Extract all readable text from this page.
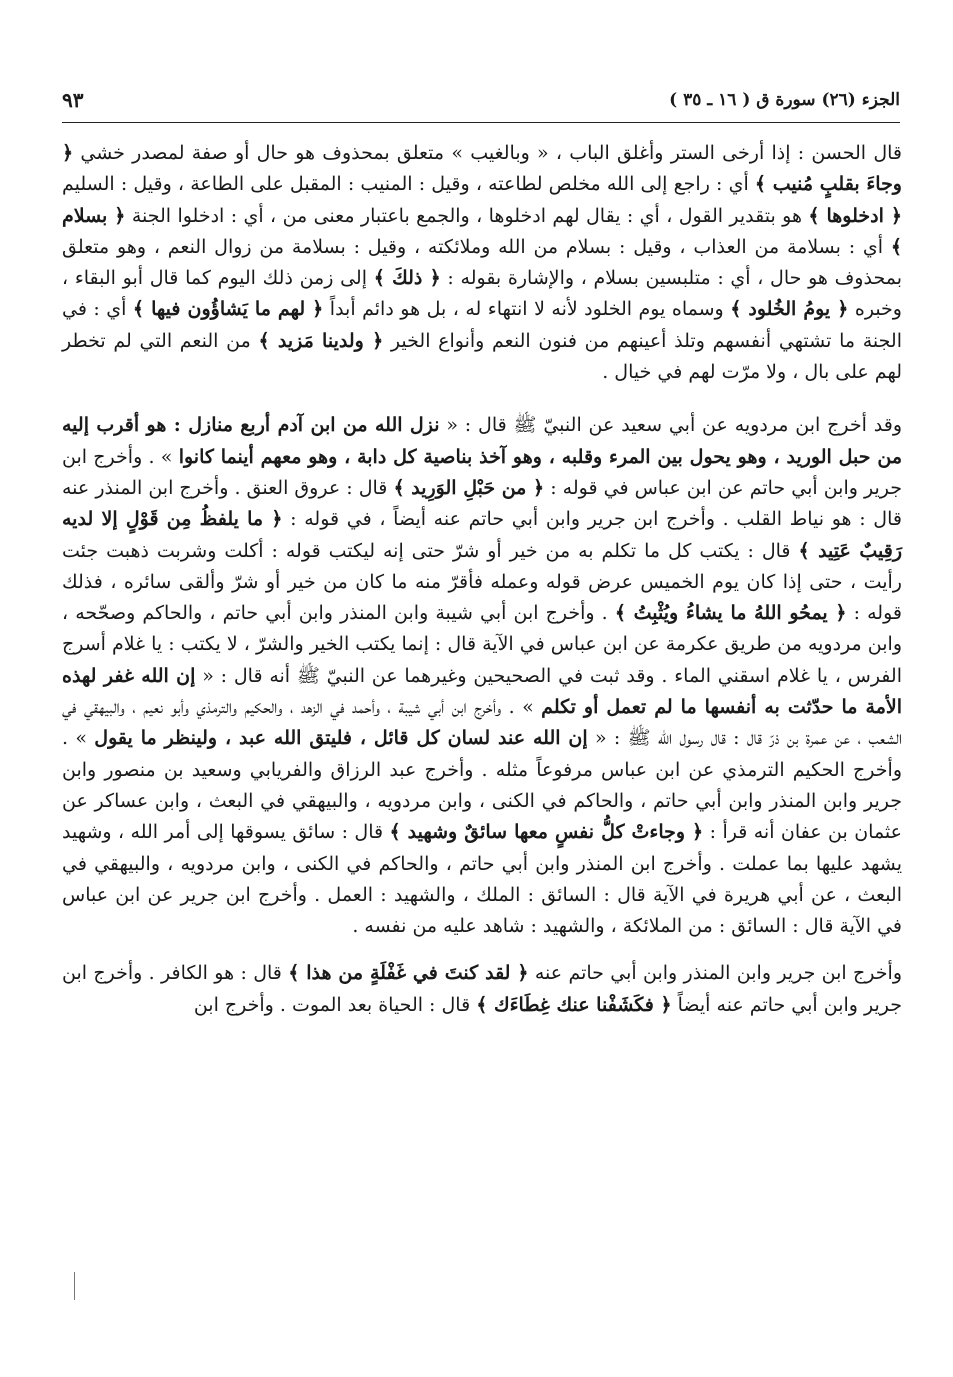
الجزء (٢٦) سورة ق ( ١٦ ـ ٣٥ )
٩٣

قال الحسن : إذا أرخى الستر وأغلق الباب ، « وبالغيب » متعلق بمحذوف هو حال أو صفة لمصدر خشي ﴿ وجاءَ بقلبٍ مُنيب ﴾ أي : راجع إلى الله مخلص لطاعته ، وقيل : المنيب : المقبل على الطاعة ، وقيل : السليم ﴿ ادخلوها ﴾ هو بتقدير القول ، أي : يقال لهم ادخلوها ، والجمع باعتبار معنى من ، أي : ادخلوا الجنة ﴿ بسلام ﴾ أي : بسلامة من العذاب ، وقيل : بسلام من الله وملائكته ، وقيل : بسلامة من زوال النعم ، وهو متعلق بمحذوف هو حال ، أي : متلبسين بسلام ، والإشارة بقوله : ﴿ ذلكَ ﴾ إلى زمن ذلك اليوم كما قال أبو البقاء ، وخبره ﴿ يومُ الخُلود ﴾ وسماه يوم الخلود لأنه لا انتهاء له ، بل هو دائم أبداً ﴿ لهم ما يَشاؤُون فيها ﴾ أي : في الجنة ما تشتهي أنفسهم وتلذ أعينهم من فنون النعم وأنواع الخير ﴿ ولدينا مَزيد ﴾ من النعم التي لم تخطر لهم على بال ، ولا مرّت لهم في خيال .

وقد أخرج ابن مردويه عن أبي سعيد عن النبيّ ﷺ قال : « نزل الله من ابن آدم أربع منازل : هو أقرب إليه من حبل الوريد ، وهو يحول بين المرء وقلبه ، وهو آخذ بناصية كل دابة ، وهو معهم أينما كانوا » . وأخرج ابن جرير وابن أبي حاتم عن ابن عباس في قوله : ﴿ من حَبْلِ الوَرِيد ﴾ قال : عروق العنق . وأخرج ابن المنذر عنه قال : هو نياط القلب . وأخرج ابن جرير وابن أبي حاتم عنه أيضاً ، في قوله : ﴿ ما يلفظُ مِن قَوْلٍ إلا لديه رَقِيبٌ عَتِيد ﴾ قال : يكتب كل ما تكلم به من خير أو شرّ حتى إنه ليكتب قوله : أكلت وشربت ذهبت جئت رأيت ، حتى إذا كان يوم الخميس عرض قوله وعمله فأقرّ منه ما كان من خير أو شرّ وألقى سائره ، فذلك قوله : ﴿ يمحُو اللهُ ما يشاءُ ويُثْبِتُ ﴾ . وأخرج ابن أبي شيبة وابن المنذر وابن أبي حاتم ، والحاكم وصحّحه ، وابن مردويه من طريق عكرمة عن ابن عباس في الآية قال : إنما يكتب الخير والشرّ ، لا يكتب : يا غلام أسرج الفرس ، يا غلام اسقني الماء . وقد ثبت في الصحيحين وغيرهما عن النبيّ ﷺ أنه قال : « إن الله غفر لهذه الأمة ما حدّثت به أنفسها ما لم تعمل أو تكلم » . وأخرج ابن أبي شيبة ، وأحمد في الزهد ، والحكيم والترمذي وأبو نعيم ، والبيهقي في الشعب ، عن عمرة بن ذرّ قال : قال رسول الله ﷺ : « إن الله عند لسان كل قائل ، فليتق الله عبد ، ولينظر ما يقول » . وأخرج الحكيم الترمذي عن ابن عباس مرفوعاً مثله . وأخرج عبد الرزاق والفريابي وسعيد بن منصور وابن جرير وابن المنذر وابن أبي حاتم ، والحاكم في الكنى ، وابن مردويه ، والبيهقي في البعث ، وابن عساكر عن عثمان بن عفان أنه قرأ : ﴿ وجاءتْ كلُّ نفسٍ معها سائقٌ وشهيد ﴾ قال : سائق يسوقها إلى أمر الله ، وشهيد يشهد عليها بما عملت . وأخرج ابن المنذر وابن أبي حاتم ، والحاكم في الكنى ، وابن مردويه ، والبيهقي في البعث ، عن أبي هريرة في الآية قال : السائق : الملك ، والشهيد : العمل . وأخرج ابن جرير عن ابن عباس في الآية قال : السائق : من الملائكة ، والشهيد : شاهد عليه من نفسه .

وأخرج ابن جرير وابن المنذر وابن أبي حاتم عنه ﴿ لقد كنتَ في غَفْلَةٍ من هذا ﴾ قال : هو الكافر . وأخرج ابن جرير وابن أبي حاتم عنه أيضاً ﴿ فكَشَفْنا عنك غِطَاءَك ﴾ قال : الحياة بعد الموت . وأخرج ابن
